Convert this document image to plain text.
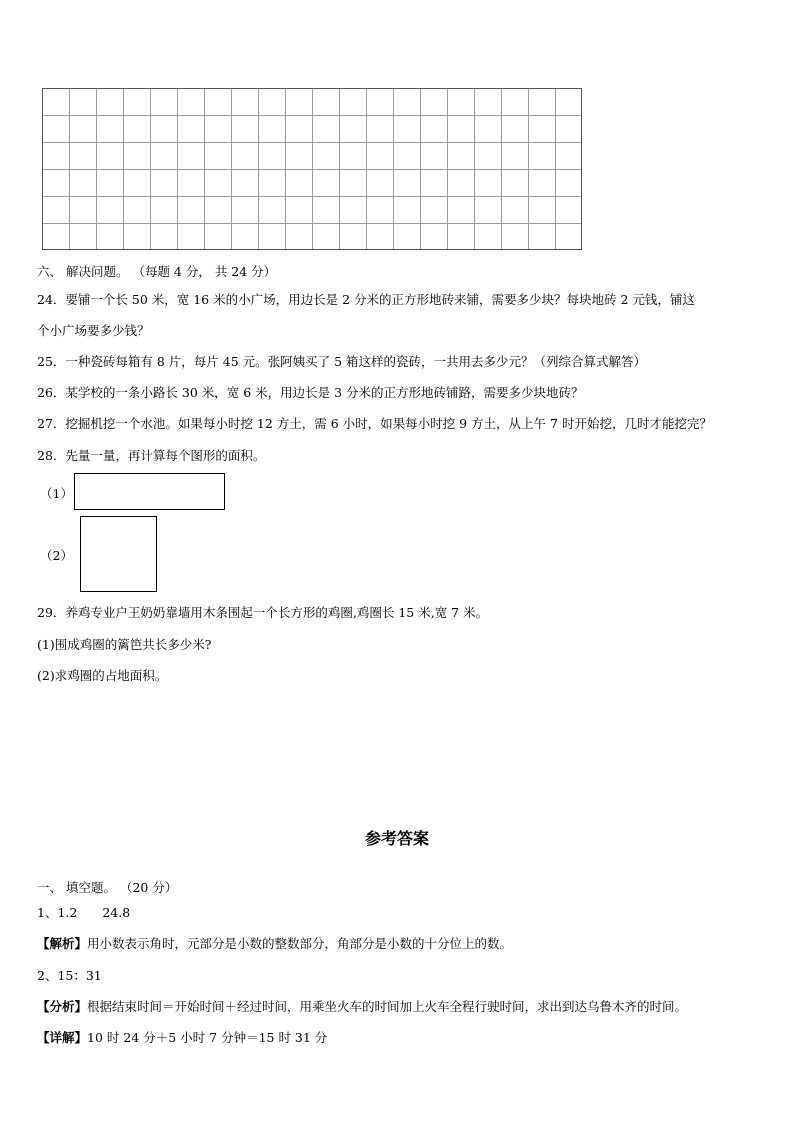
六、 解决问题。 （每题 4 分， 共 24 分）
24．要铺一个长 50 米，宽 16 米的小广场，用边长是 2 分米的正方形地砖来铺，需要多少块？每块地砖 2 元钱，铺这
个小广场要多少钱？
25．一种瓷砖每箱有 8 片，每片 45 元。张阿姨买了 5 箱这样的瓷砖，一共用去多少元？（列综合算式解答）
26．某学校的一条小路长 30 米，宽 6 米，用边长是 3 分米的正方形地砖铺路，需要多少块地砖？
27．挖掘机挖一个水池。如果每小时挖 12 方土，需 6 小时，如果每小时挖 9 方土，从上午 7 时开始挖，几时才能挖完？
28．先量一量，再计算每个图形的面积。
（1）
（2）
29．养鸡专业户王奶奶靠墙用木条围起一个长方形的鸡圈,鸡圈长 15 米,宽 7 米。
(1)围成鸡圈的篱笆共长多少米?
(2)求鸡圈的占地面积。
参考答案
一、 填空题。 （20 分）
1、1.2　　24.8
【解析】用小数表示角时，元部分是小数的整数部分，角部分是小数的十分位上的数。
2、15：31
【分析】根据结束时间＝开始时间＋经过时间，用乘坐火车的时间加上火车全程行驶时间，求出到达乌鲁木齐的时间。
【详解】10 时 24 分＋5 小时 7 分钟＝15 时 31 分
